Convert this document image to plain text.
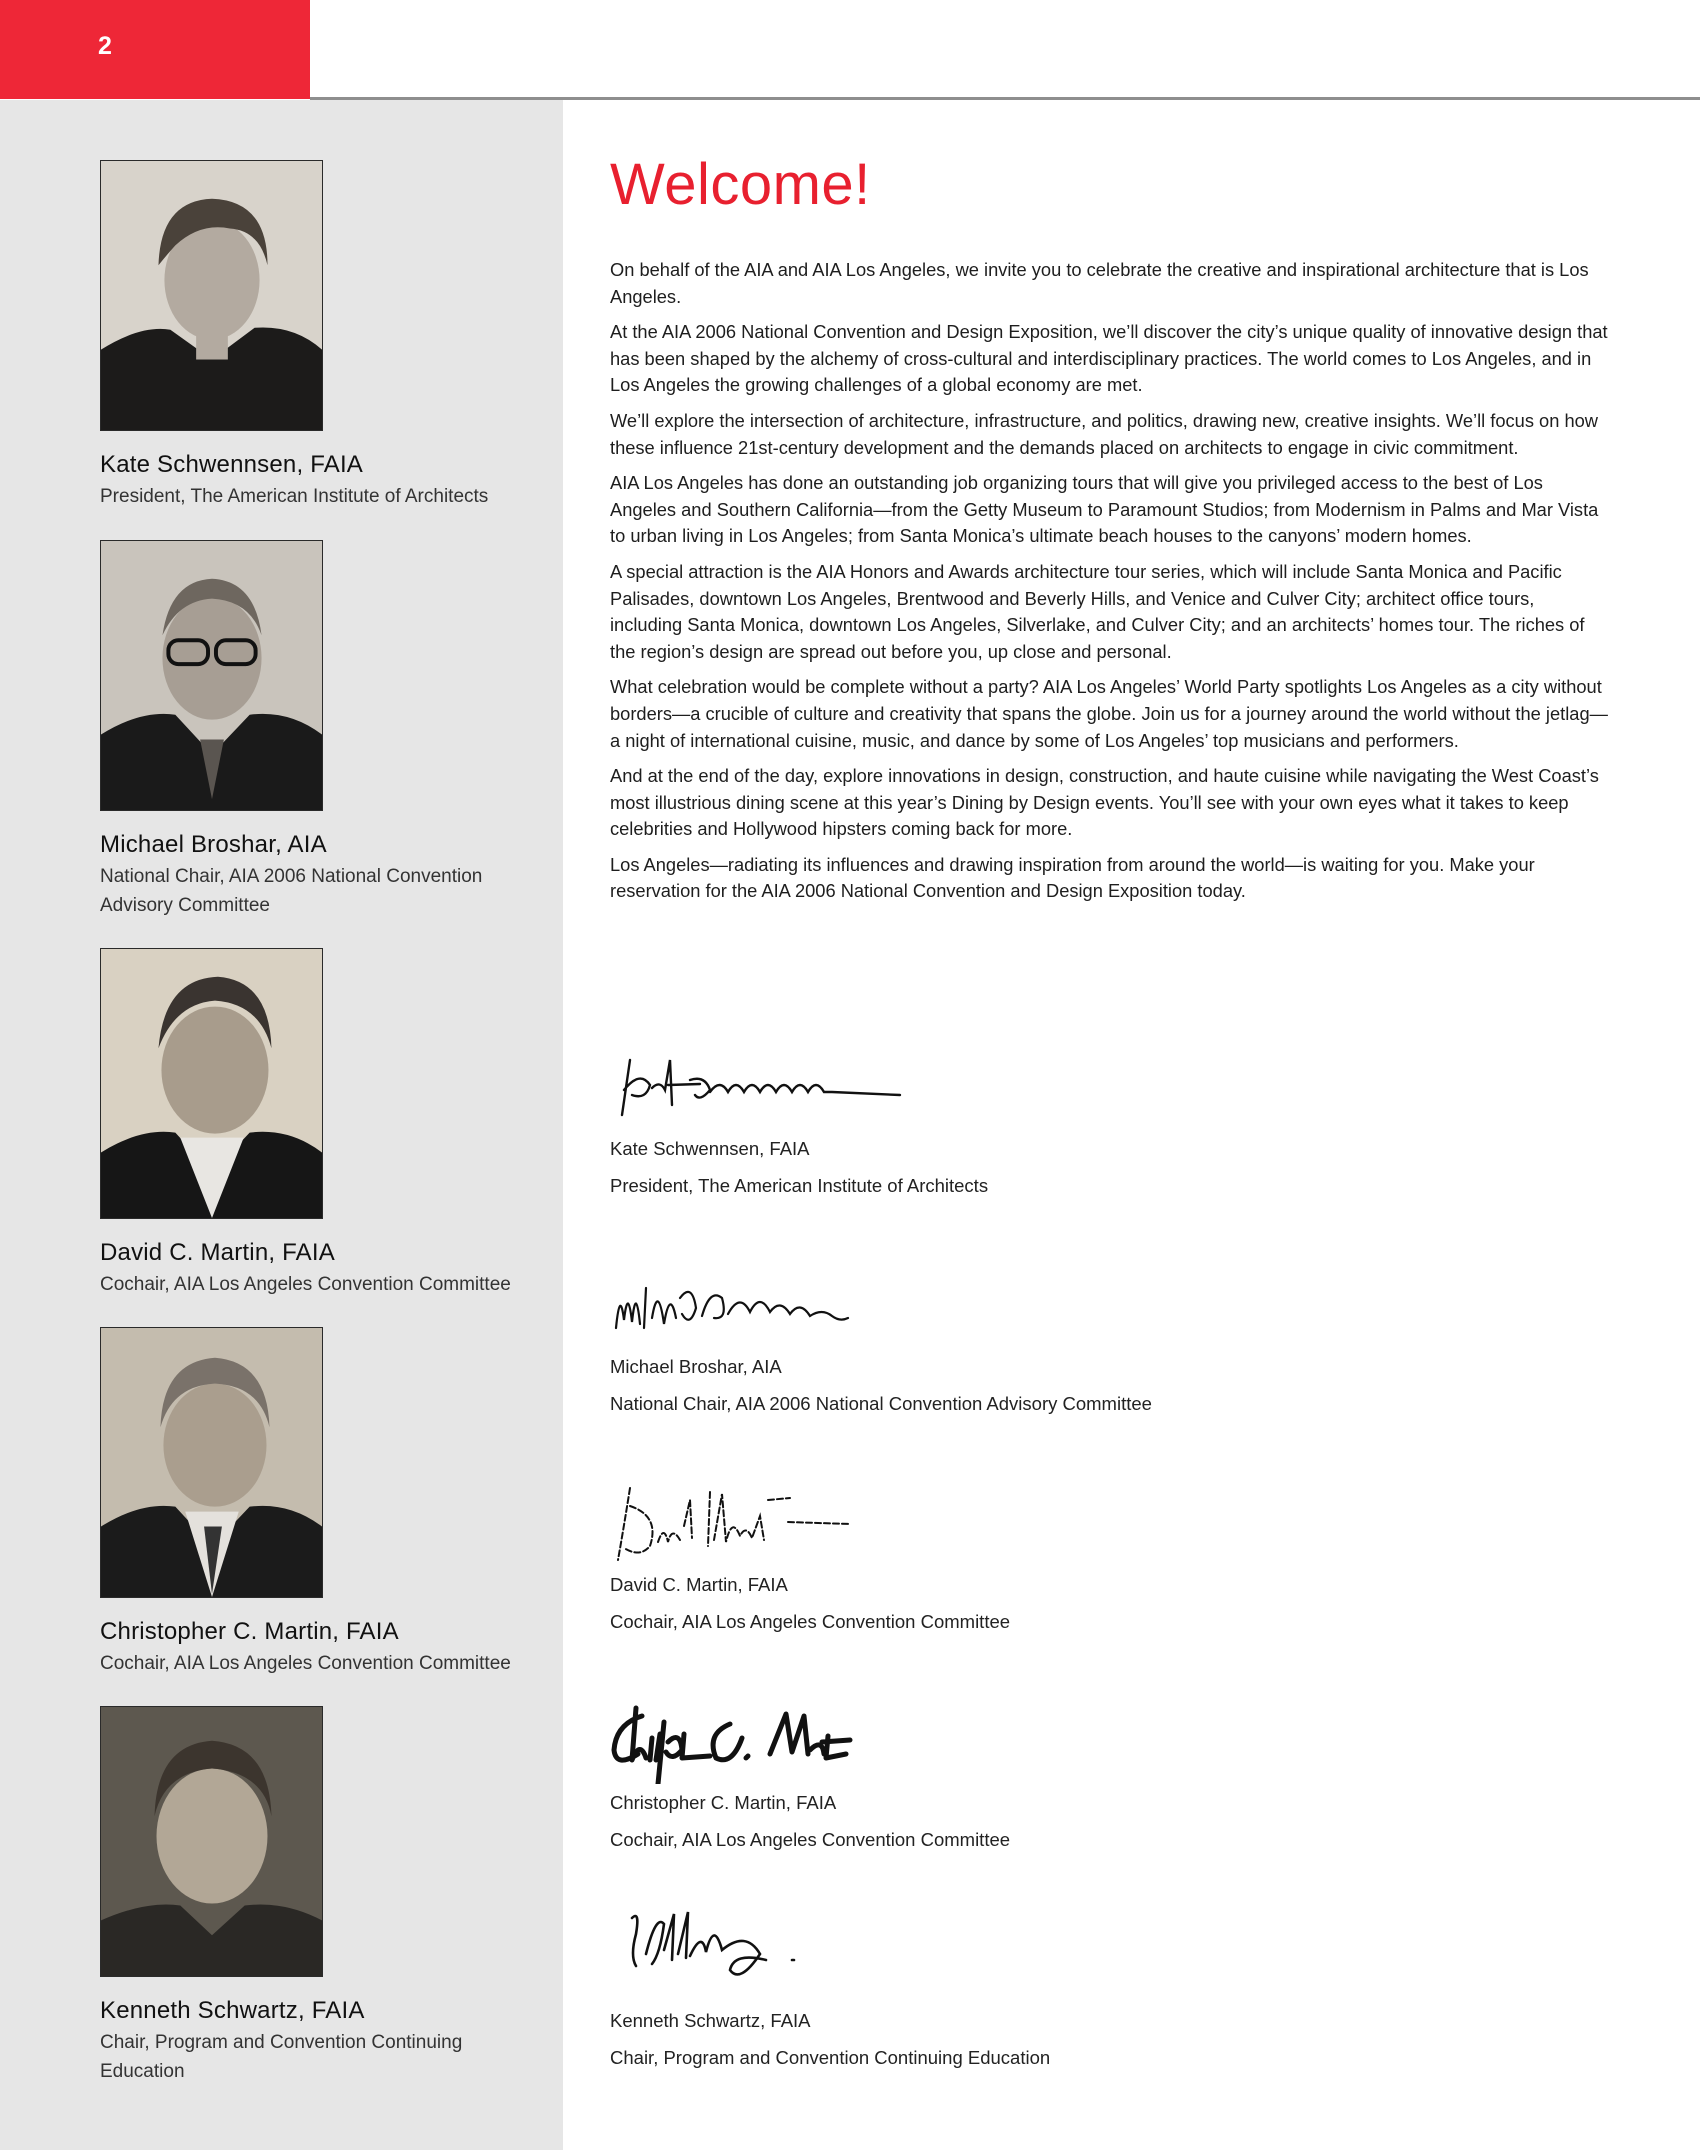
2
Kate Schwennsen, FAIA
President, The American Institute of Architects
Michael Broshar, AIA
National Chair, AIA 2006 National Convention Advisory Committee
David C. Martin, FAIA
Cochair, AIA Los Angeles Convention Committee
Christopher C. Martin, FAIA
Cochair, AIA Los Angeles Convention Committee
Kenneth Schwartz, FAIA
Chair, Program and Convention Continuing Education
Welcome!

On behalf of the AIA and AIA Los Angeles, we invite you to celebrate the creative and inspirational architecture that is Los Angeles.

At the AIA 2006 National Convention and Design Exposition, we’ll discover the city’s unique quality of innovative design that has been shaped by the alchemy of cross-cultural and interdisciplinary practices. The world comes to Los Angeles, and in Los Angeles the growing challenges of a global economy are met.

We’ll explore the intersection of architecture, infrastructure, and politics, drawing new, creative insights. We’ll focus on how these influence 21st-century development and the demands placed on architects to engage in civic commitment.

AIA Los Angeles has done an outstanding job organizing tours that will give you privileged access to the best of Los Angeles and Southern California—from the Getty Museum to Paramount Studios; from Modernism in Palms and Mar Vista to urban living in Los Angeles; from Santa Monica’s ultimate beach houses to the canyons’ modern homes.

A special attraction is the AIA Honors and Awards architecture tour series, which will include Santa Monica and Pacific Palisades, downtown Los Angeles, Brentwood and Beverly Hills, and Venice and Culver City; architect office tours, including Santa Monica, downtown Los Angeles, Silverlake, and Culver City; and an architects’ homes tour. The riches of the region’s design are spread out before you, up close and personal.

What celebration would be complete without a party? AIA Los Angeles’ World Party spotlights Los Angeles as a city without borders—a crucible of culture and creativity that spans the globe. Join us for a journey around the world without the jetlag—a night of international cuisine, music, and dance by some of Los Angeles’ top musicians and performers.

And at the end of the day, explore innovations in design, construction, and haute cuisine while navigating the West Coast’s most illustrious dining scene at this year’s Dining by Design events. You’ll see with your own eyes what it takes to keep celebrities and Hollywood hipsters coming back for more.

Los Angeles—radiating its influences and drawing inspiration from around the world—is waiting for you. Make your reservation for the AIA 2006 National Convention and Design Exposition today.

Kate Schwennsen, FAIA
President, The American Institute of Architects
Michael Broshar, AIA
National Chair, AIA 2006 National Convention Advisory Committee
David C. Martin, FAIA
Cochair, AIA Los Angeles Convention Committee
Christopher C. Martin, FAIA
Cochair, AIA Los Angeles Convention Committee
Kenneth Schwartz, FAIA
Chair, Program and Convention Continuing Education
